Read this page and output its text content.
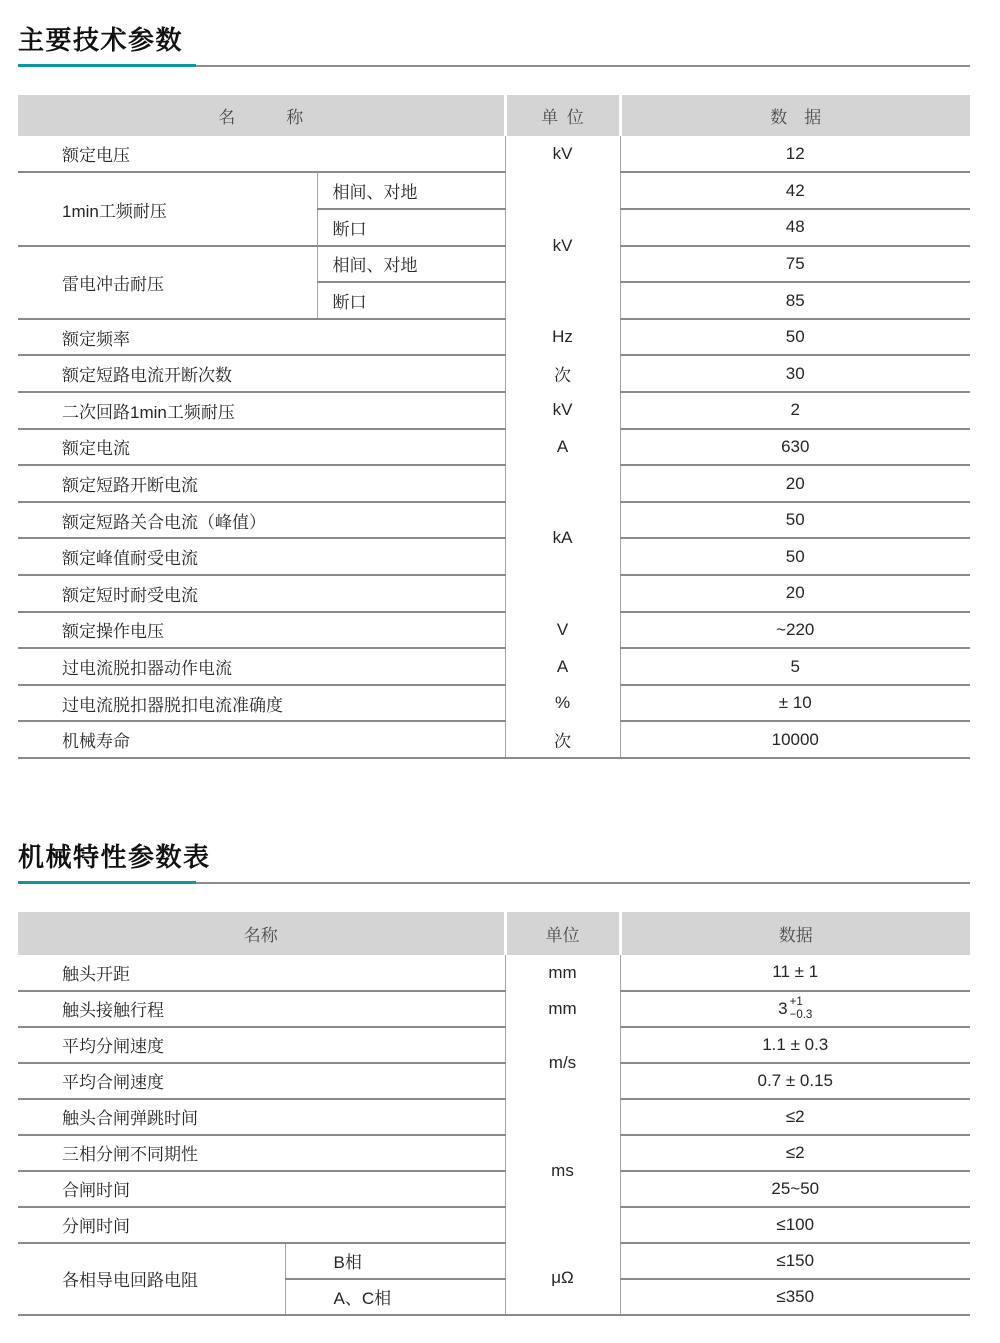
主要技术参数
名   称		单 位	数 据
额定电压		kV	12
1min工频耐压	相间、对地	kV	42
	断口		48
雷电冲击耐压	相间、对地		75
	断口		85
额定频率		Hz	50
额定短路电流开断次数		次	30
二次回路1min工频耐压		kV	2
额定电流		A	630
额定短路开断电流		kA	20
额定短路关合电流（峰值）			50
额定峰值耐受电流			50
额定短时耐受电流			20
额定操作电压		V	~220
过电流脱扣器动作电流		A	5
过电流脱扣器脱扣电流准确度		%	± 10
机械寿命		次	10000
机械特性参数表
名称		单位	数据
触头开距		mm	11 ± 1
触头接触行程		mm	3 +1
−0.3

平均分闸速度		m/s	1.1 ± 0.3
平均合闸速度			0.7 ± 0.15
触头合闸弹跳时间		ms	≤2
三相分闸不同期性			≤2
合闸时间			25~50
分闸时间			≤100
各相导电回路电阻	B相	μΩ	≤150
	A、C相		≤350
